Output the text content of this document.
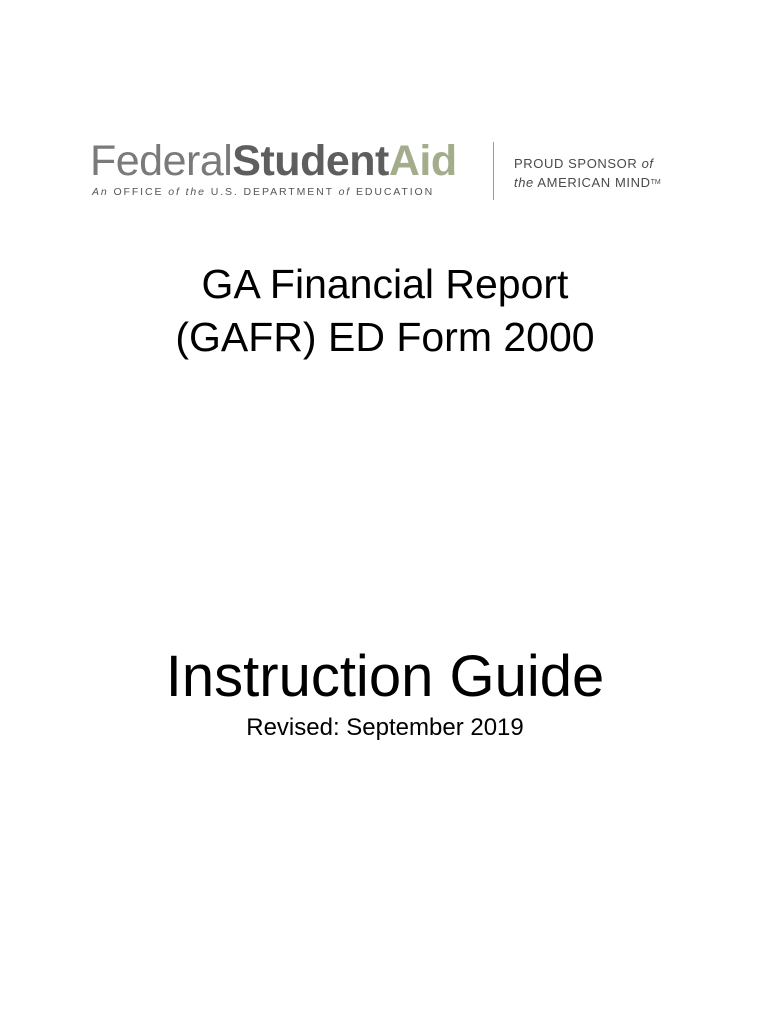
FederalStudentAid
An OFFICE of the U.S. DEPARTMENT of EDUCATION
PROUD SPONSOR of
the AMERICAN MIND™
GA Financial Report
(GAFR) ED Form 2000
Instruction Guide
Revised: September 2019
